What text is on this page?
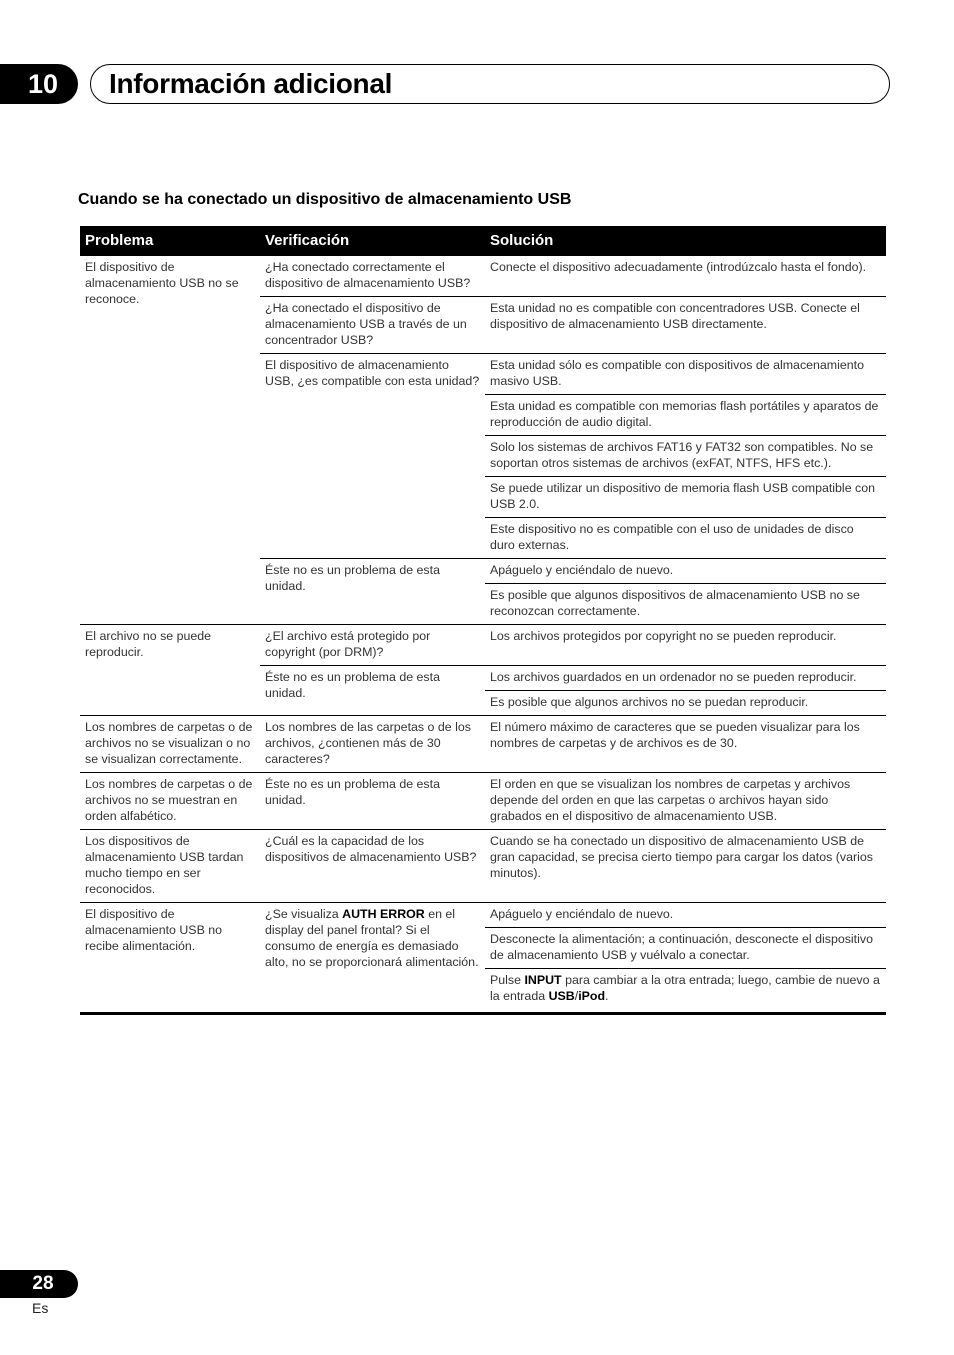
10	Información adicional
Cuando se ha conectado un dispositivo de almacenamiento USB
Problema	Verificación	Solución
El dispositivo de almacenamiento USB no se reconoce.	¿Ha conectado correctamente el dispositivo de almacenamiento USB?	Conecte el dispositivo adecuadamente (introdúzcalo hasta el fondo).
	¿Ha conectado el dispositivo de almacenamiento USB a través de un concentrador USB?	Esta unidad no es compatible con concentradores USB. Conecte el dispositivo de almacenamiento USB directamente.
	El dispositivo de almacenamiento USB, ¿es compatible con esta unidad?	Esta unidad sólo es compatible con dispositivos de almacenamiento masivo USB.
		Esta unidad es compatible con memorias flash portátiles y aparatos de reproducción de audio digital.
		Solo los sistemas de archivos FAT16 y FAT32 son compatibles. No se soportan otros sistemas de archivos (exFAT, NTFS, HFS etc.).
		Se puede utilizar un dispositivo de memoria flash USB compatible con USB 2.0.
		Este dispositivo no es compatible con el uso de unidades de disco duro externas.
	Éste no es un problema de esta unidad.	Apáguelo y enciéndalo de nuevo.
		Es posible que algunos dispositivos de almacenamiento USB no se reconozcan correctamente.
El archivo no se puede reproducir.	¿El archivo está protegido por copyright (por DRM)?	Los archivos protegidos por copyright no se pueden reproducir.
	Éste no es un problema de esta unidad.	Los archivos guardados en un ordenador no se pueden reproducir.
		Es posible que algunos archivos no se puedan reproducir.
Los nombres de carpetas o de archivos no se visualizan o no se visualizan correctamente.	Los nombres de las carpetas o de los archivos, ¿contienen más de 30 caracteres?	El número máximo de caracteres que se pueden visualizar para los nombres de carpetas y de archivos es de 30.
Los nombres de carpetas o de archivos no se muestran en orden alfabético.	Éste no es un problema de esta unidad.	El orden en que se visualizan los nombres de carpetas y archivos depende del orden en que las carpetas o archivos hayan sido grabados en el dispositivo de almacenamiento USB.
Los dispositivos de almacenamiento USB tardan mucho tiempo en ser reconocidos.	¿Cuál es la capacidad de los dispositivos de almacenamiento USB?	Cuando se ha conectado un dispositivo de almacenamiento USB de gran capacidad, se precisa cierto tiempo para cargar los datos (varios minutos).
El dispositivo de almacenamiento USB no recibe alimentación.	¿Se visualiza AUTH ERROR en el display del panel frontal? Si el consumo de energía es demasiado alto, no se proporcionará alimentación.	Apáguelo y enciéndalo de nuevo.
		Desconecte la alimentación; a continuación, desconecte el dispositivo de almacenamiento USB y vuélvalo a conectar.
		Pulse INPUT para cambiar a la otra entrada; luego, cambie de nuevo a la entrada USB/iPod.
28
Es
